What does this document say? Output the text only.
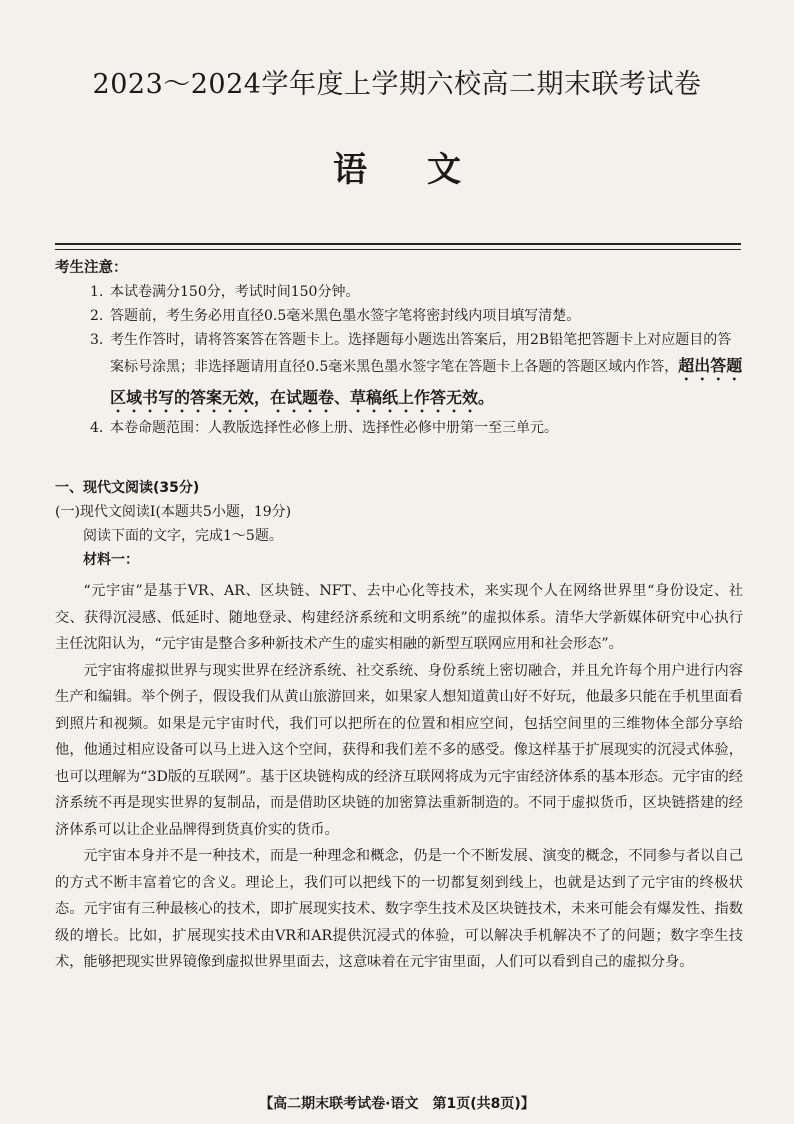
2023～2024学年度上学期六校高二期末联考试卷
语文
考生注意：
1. 本试卷满分150分，考试时间150分钟。
2. 答题前，考生务必用直径0.5毫米黑色墨水签字笔将密封线内项目填写清楚。
3. 考生作答时，请将答案答在答题卡上。选择题每小题选出答案后，用2B铅笔把答题卡上对应题目的答案标号涂黑；非选择题请用直径0.5毫米黑色墨水签字笔在答题卡上各题的答题区域内作答，超出答题区域书写的答案无效，在试题卷、草稿纸上作答无效。
4. 本卷命题范围：人教版选择性必修上册、选择性必修中册第一至三单元。
一、现代文阅读(35分)
(一)现代文阅读Ⅰ(本题共5小题，19分)
阅读下面的文字，完成1～5题。
材料一：

“元宇宙”是基于VR、AR、区块链、NFT、去中心化等技术，来实现个人在网络世界里“身份设定、社交、获得沉浸感、低延时、随地登录、构建经济系统和文明系统”的虚拟体系。清华大学新媒体研究中心执行主任沈阳认为，“元宇宙是整合多种新技术产生的虚实相融的新型互联网应用和社会形态”。

元宇宙将虚拟世界与现实世界在经济系统、社交系统、身份系统上密切融合，并且允许每个用户进行内容生产和编辑。举个例子，假设我们从黄山旅游回来，如果家人想知道黄山好不好玩，他最多只能在手机里面看到照片和视频。如果是元宇宙时代，我们可以把所在的位置和相应空间，包括空间里的三维物体全部分享给他，他通过相应设备可以马上进入这个空间，获得和我们差不多的感受。像这样基于扩展现实的沉浸式体验，也可以理解为“3D版的互联网”。基于区块链构成的经济互联网将成为元宇宙经济体系的基本形态。元宇宙的经济系统不再是现实世界的复制品，而是借助区块链的加密算法重新制造的。不同于虚拟货币，区块链搭建的经济体系可以让企业品牌得到货真价实的货币。

元宇宙本身并不是一种技术，而是一种理念和概念，仍是一个不断发展、演变的概念，不同参与者以自己的方式不断丰富着它的含义。理论上，我们可以把线下的一切都复刻到线上，也就是达到了元宇宙的终极状态。元宇宙有三种最核心的技术，即扩展现实技术、数字孪生技术及区块链技术，未来可能会有爆发性、指数级的增长。比如，扩展现实技术由VR和AR提供沉浸式的体验，可以解决手机解决不了的问题；数字孪生技术，能够把现实世界镜像到虚拟世界里面去，这意味着在元宇宙里面，人们可以看到自己的虚拟分身。

【高二期末联考试卷·语文　第1页(共8页)】
